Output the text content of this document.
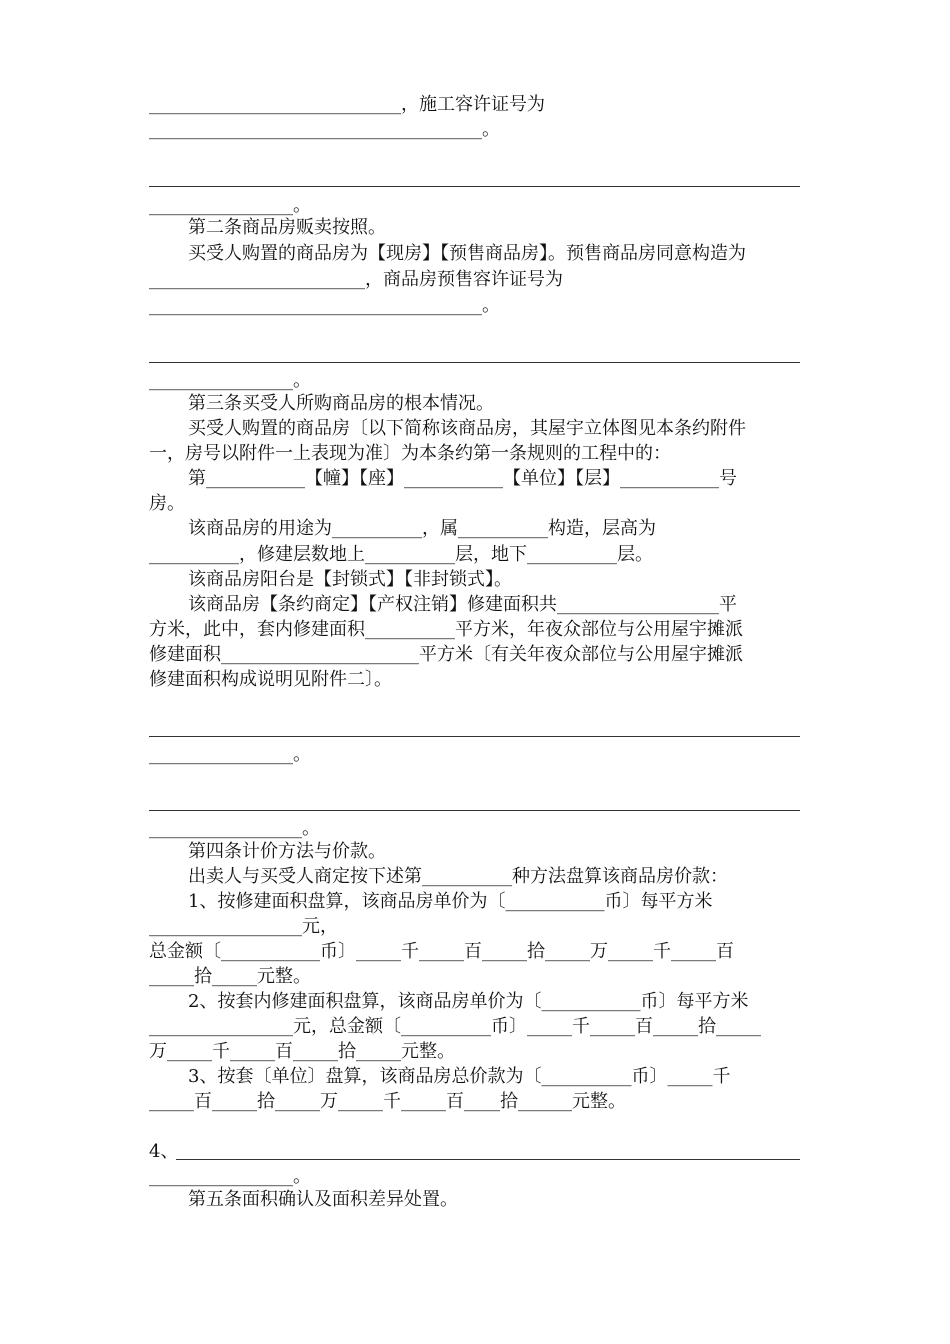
____________________________，施工容许证号为
_____________________________________。
________________。
第二条商品房贩卖按照。
买受人购置的商品房为【现房】【预售商品房】。预售商品房同意构造为
________________________，商品房预售容许证号为
_____________________________________。
________________。
第三条买受人所购商品房的根本情况。
买受人购置的商品房〔以下简称该商品房，其屋宇立体图见本条约附件
一，房号以附件一上表现为准〕为本条约第一条规则的工程中的：
第___________【幢】【座】___________【单位】【层】___________号
房。
该商品房的用途为__________，属__________构造，层高为
__________，修建层数地上__________层，地下__________层。
该商品房阳台是【封锁式】【非封锁式】。
该商品房【条约商定】【产权注销】修建面积共__________________平
方米，此中，套内修建面积__________平方米，年夜众部位与公用屋宇摊派
修建面积______________________平方米〔有关年夜众部位与公用屋宇摊派
修建面积构成说明见附件二〕。
________________。
_________________。
第四条计价方法与价款。
出卖人与买受人商定按下述第__________种方法盘算该商品房价款：
1、按修建面积盘算，该商品房单价为〔___________币〕每平方米
_________________元，
总金额〔___________币〕_____千_____百_____拾_____万_____千_____百
_____拾_____元整。
2、按套内修建面积盘算，该商品房单价为〔___________币〕每平方米
________________元，总金额〔__________币〕_____千_____百_____拾_____
万_____千_____百_____拾_____元整。
3、按套〔单位〕盘算，该商品房总价款为〔__________币〕_____千
_____百_____拾_____万_____千_____百____拾______元整。
4、
________________。
第五条面积确认及面积差异处置。
